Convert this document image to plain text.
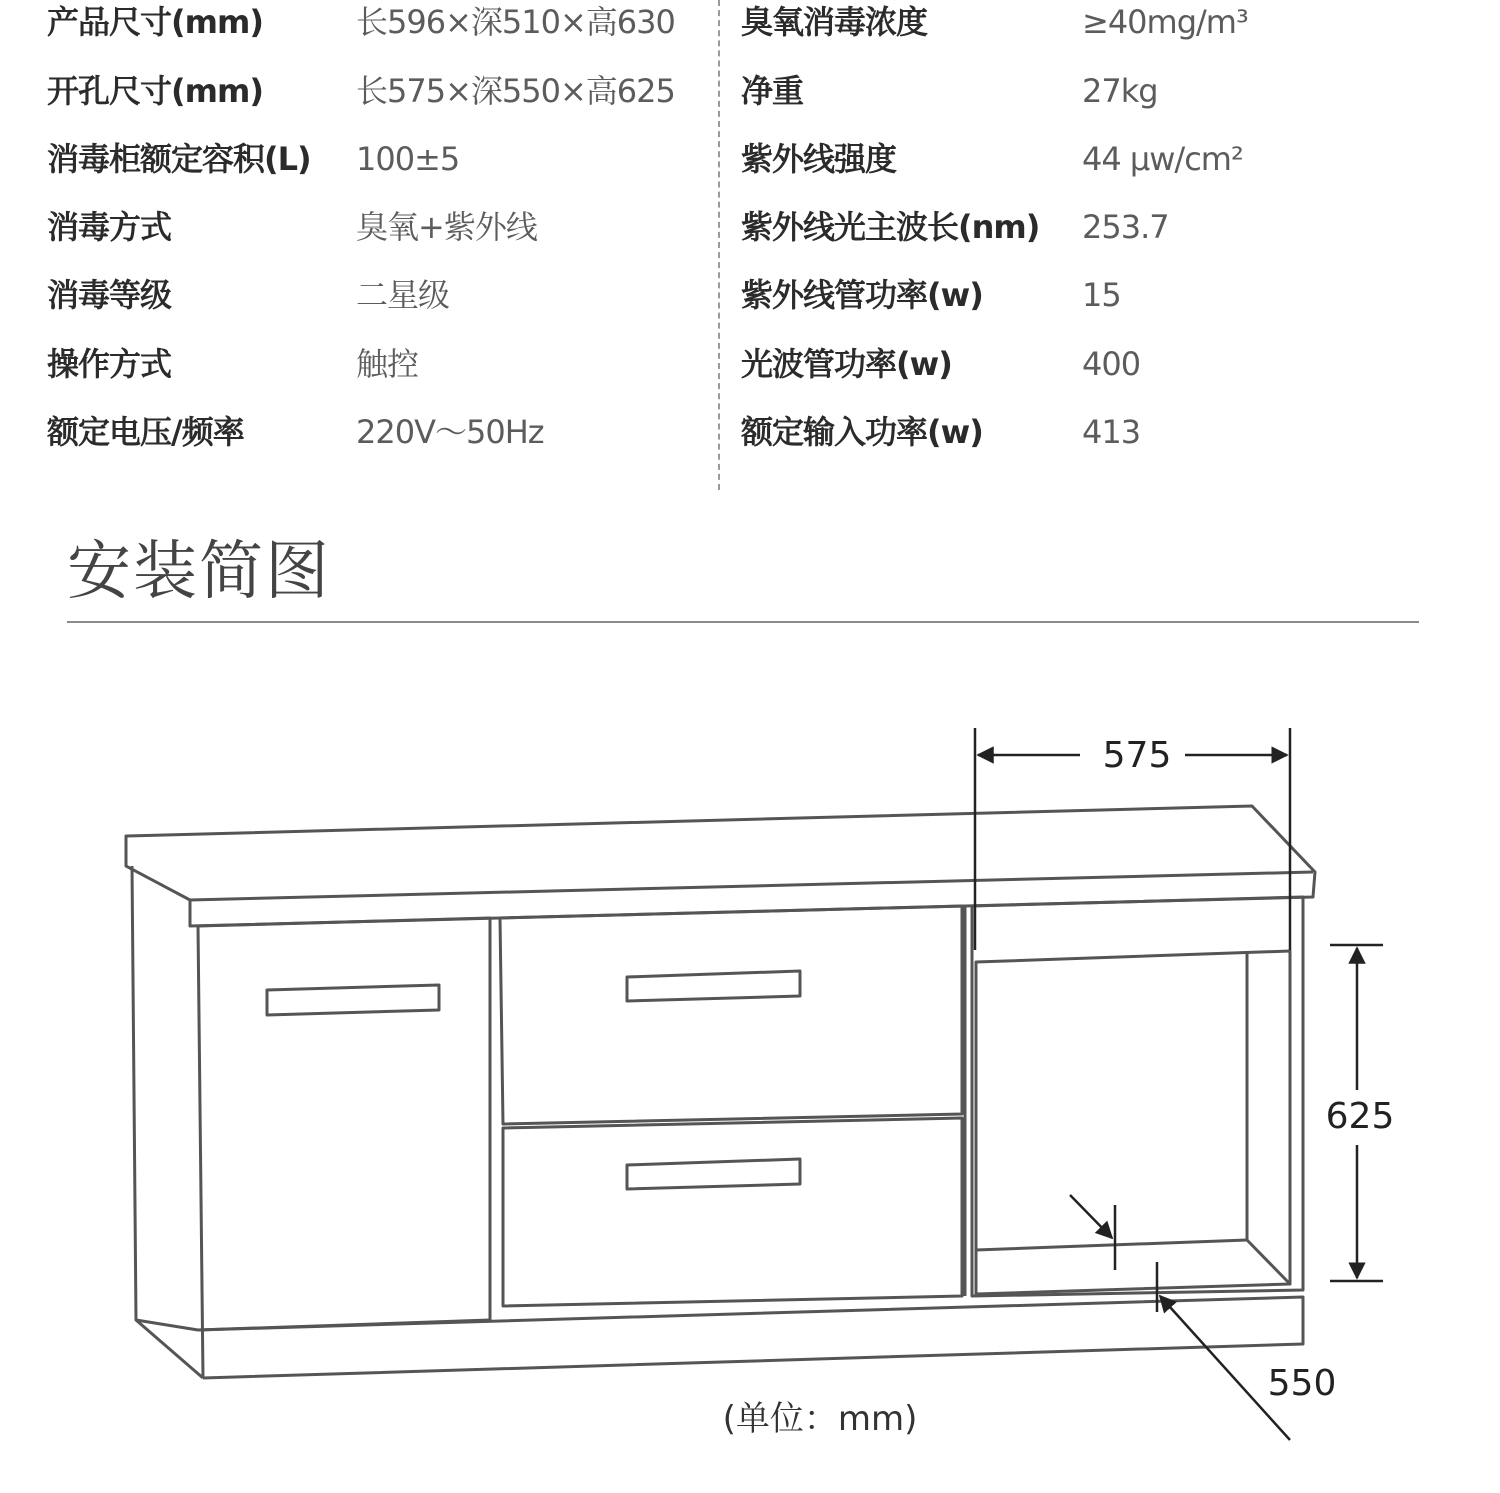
产品尺寸(mm)	长596×深510×高630
开孔尺寸(mm)	长575×深550×高625
消毒柜额定容积(L) 100±5
消毒方式	臭氧+紫外线
消毒等级	二星级
操作方式	触控
额定电压/频率	220V～50Hz
臭氧消毒浓度	≥40mg/m³
净重	27kg
紫外线强度	44 μw/cm²
紫外线光主波长(nm) 253.7
紫外线管功率(w)	15
光波管功率(w)	400
额定输入功率(w)	413
安装简图
575
625
550
(单位：mm)
